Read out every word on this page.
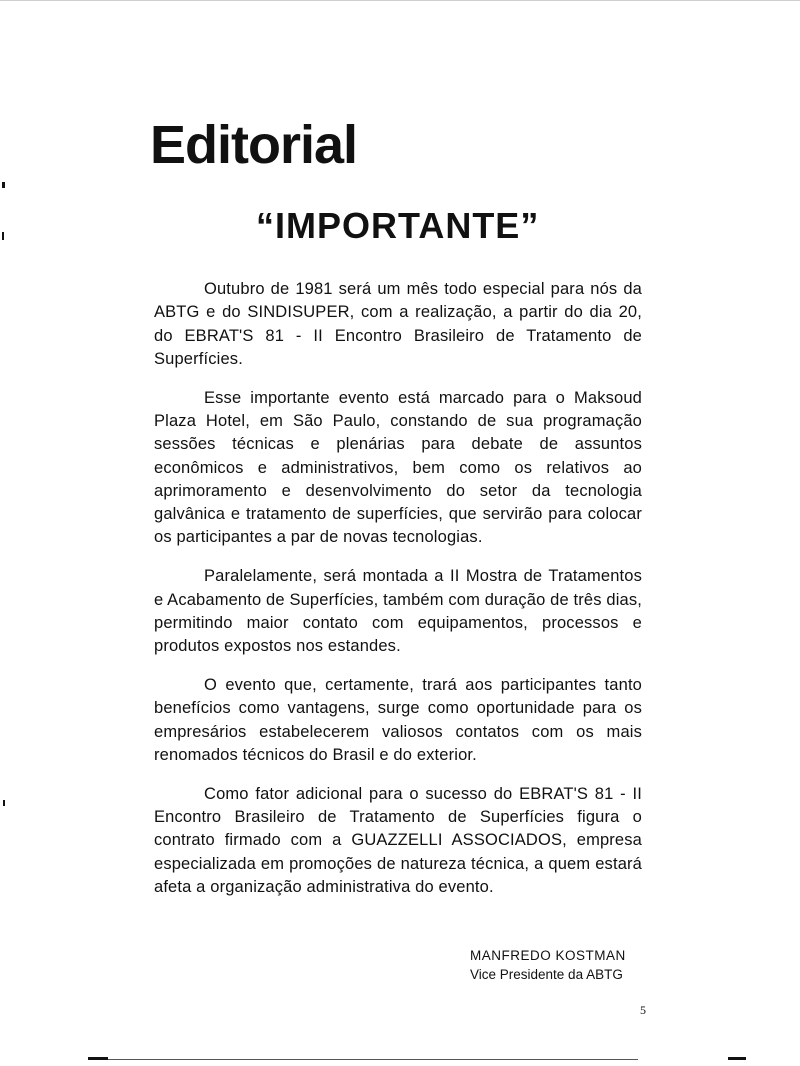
Editorial
“IMPORTANTE”

Outubro de 1981 será um mês todo especial para nós da ABTG e do SINDISUPER, com a realização, a partir do dia 20, do EBRAT'S 81 - II Encontro Brasileiro de Tratamento de Superfícies.

Esse importante evento está marcado para o Maksoud Plaza Hotel, em São Paulo, constando de sua programação sessões técnicas e plenárias para debate de assuntos econômicos e administrativos, bem como os relativos ao aprimoramento e desenvolvimento do setor da tecnologia galvânica e tratamento de superfícies, que servirão para colocar os participantes a par de novas tecnologias.

Paralelamente, será montada a II Mostra de Tratamentos e Acabamento de Superfícies, também com duração de três dias, permitindo maior contato com equipamentos, processos e produtos expostos nos estandes.

O evento que, certamente, trará aos participantes tanto benefícios como vantagens, surge como oportunidade para os empresários estabelecerem valiosos contatos com os mais renomados técnicos do Brasil e do exterior.

Como fator adicional para o sucesso do EBRAT'S 81 - II Encontro Brasileiro de Tratamento de Superfícies figura o contrato firmado com a GUAZZELLI ASSOCIADOS, empresa especializada em promoções de natureza técnica, a quem estará afeta a organização administrativa do evento.

MANFREDO KOSTMAN
Vice Presidente da ABTG
5
